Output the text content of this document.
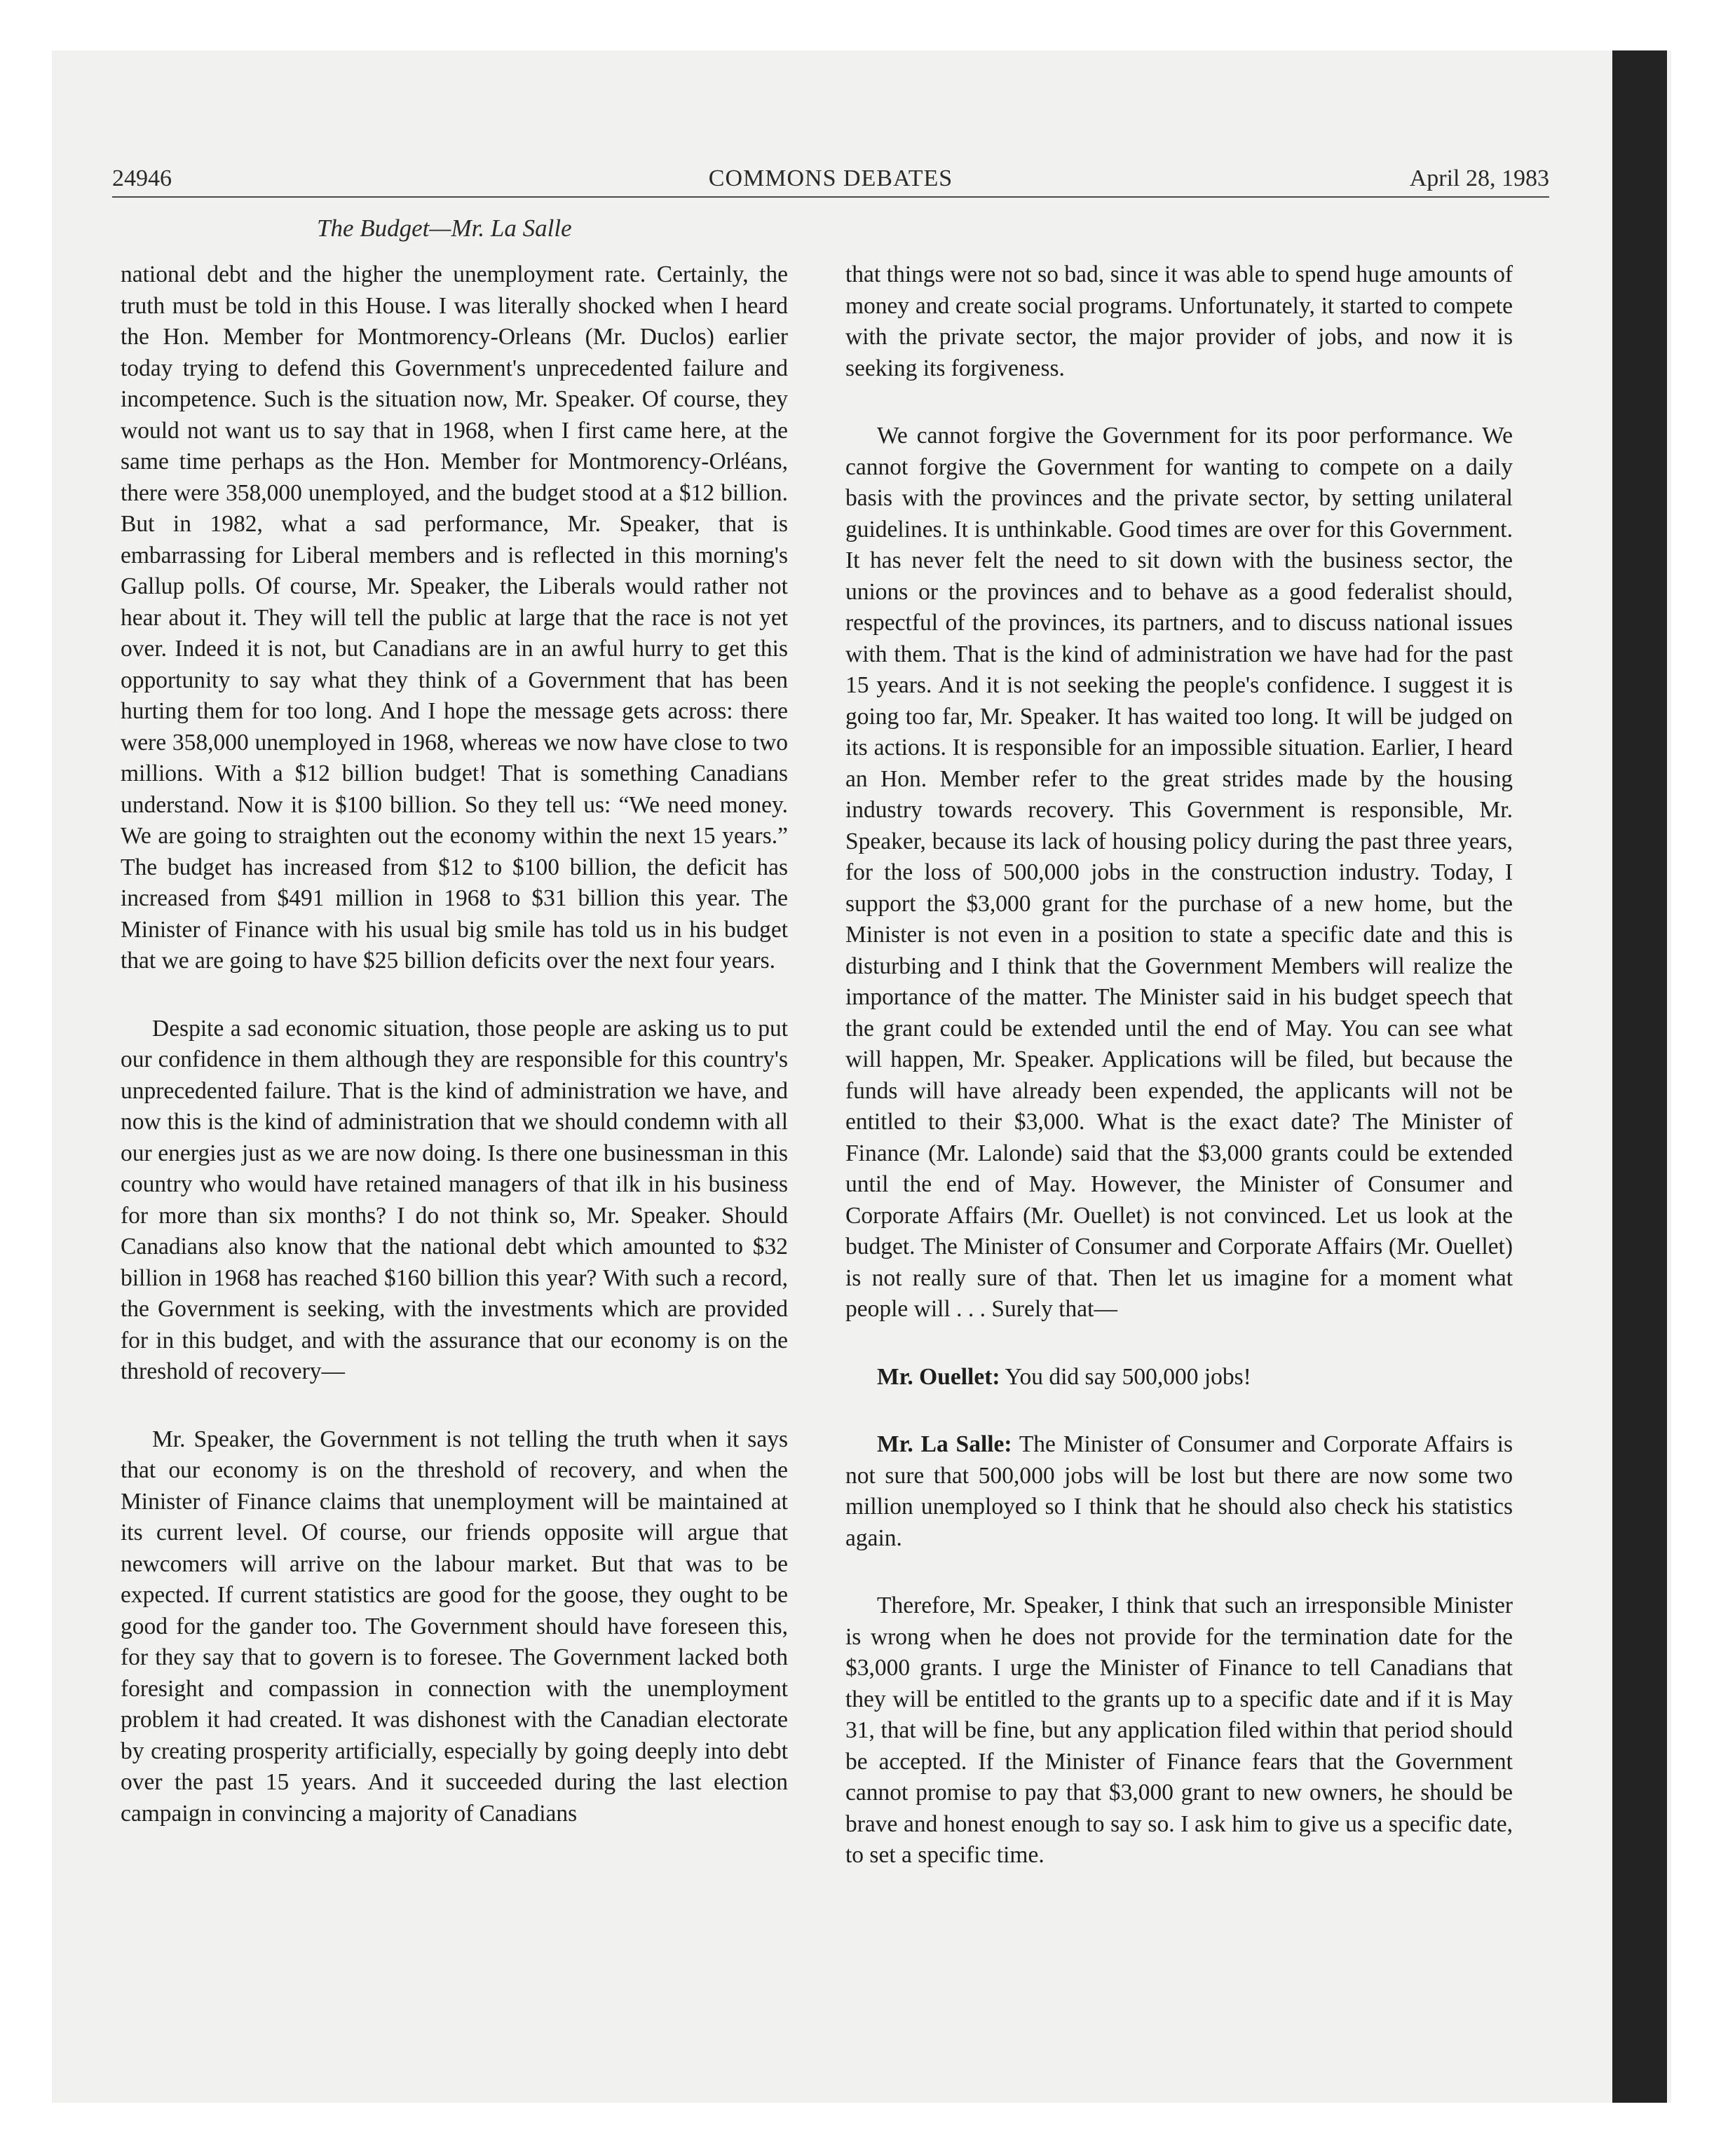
24946	COMMONS DEBATES	April 28, 1983
The Budget—Mr. La Salle

national debt and the higher the unemployment rate. Certainly, the truth must be told in this House. I was literally shocked when I heard the Hon. Member for Montmorency-Orleans (Mr. Duclos) earlier today trying to defend this Government's unprecedented failure and incompetence. Such is the situation now, Mr. Speaker. Of course, they would not want us to say that in 1968, when I first came here, at the same time perhaps as the Hon. Member for Montmorency-Orléans, there were 358,000 unemployed, and the budget stood at a $12 billion. But in 1982, what a sad performance, Mr. Speaker, that is embarrassing for Liberal members and is reflected in this morning's Gallup polls. Of course, Mr. Speaker, the Liberals would rather not hear about it. They will tell the public at large that the race is not yet over. Indeed it is not, but Canadians are in an awful hurry to get this opportunity to say what they think of a Government that has been hurting them for too long. And I hope the message gets across: there were 358,000 unemployed in 1968, whereas we now have close to two millions. With a $12 billion budget! That is something Canadians understand. Now it is $100 billion. So they tell us: “We need money. We are going to straighten out the economy within the next 15 years.” The budget has increased from $12 to $100 billion, the deficit has increased from $491 million in 1968 to $31 billion this year. The Minister of Finance with his usual big smile has told us in his budget that we are going to have $25 billion deficits over the next four years.

Despite a sad economic situation, those people are asking us to put our confidence in them although they are responsible for this country's unprecedented failure. That is the kind of administration we have, and now this is the kind of administration that we should condemn with all our energies just as we are now doing. Is there one businessman in this country who would have retained managers of that ilk in his business for more than six months? I do not think so, Mr. Speaker. Should Canadians also know that the national debt which amounted to $32 billion in 1968 has reached $160 billion this year? With such a record, the Government is seeking, with the investments which are provided for in this budget, and with the assurance that our economy is on the threshold of recovery—

Mr. Speaker, the Government is not telling the truth when it says that our economy is on the threshold of recovery, and when the Minister of Finance claims that unemployment will be maintained at its current level. Of course, our friends opposite will argue that newcomers will arrive on the labour market. But that was to be expected. If current statistics are good for the goose, they ought to be good for the gander too. The Government should have foreseen this, for they say that to govern is to foresee. The Government lacked both foresight and compassion in connection with the unemployment problem it had created. It was dishonest with the Canadian electorate by creating prosperity artificially, especially by going deeply into debt over the past 15 years. And it succeeded during the last election campaign in convincing a majority of Canadians

that things were not so bad, since it was able to spend huge amounts of money and create social programs. Unfortunately, it started to compete with the private sector, the major provider of jobs, and now it is seeking its forgiveness.

We cannot forgive the Government for its poor performance. We cannot forgive the Government for wanting to compete on a daily basis with the provinces and the private sector, by setting unilateral guidelines. It is unthinkable. Good times are over for this Government. It has never felt the need to sit down with the business sector, the unions or the provinces and to behave as a good federalist should, respectful of the provinces, its partners, and to discuss national issues with them. That is the kind of administration we have had for the past 15 years. And it is not seeking the people's confidence. I suggest it is going too far, Mr. Speaker. It has waited too long. It will be judged on its actions. It is responsible for an impossible situation. Earlier, I heard an Hon. Member refer to the great strides made by the housing industry towards recovery. This Government is responsible, Mr. Speaker, because its lack of housing policy during the past three years, for the loss of 500,000 jobs in the construction industry. Today, I support the $3,000 grant for the purchase of a new home, but the Minister is not even in a position to state a specific date and this is disturbing and I think that the Government Members will realize the importance of the matter. The Minister said in his budget speech that the grant could be extended until the end of May. You can see what will happen, Mr. Speaker. Applications will be filed, but because the funds will have already been expended, the applicants will not be entitled to their $3,000. What is the exact date? The Minister of Finance (Mr. Lalonde) said that the $3,000 grants could be extended until the end of May. However, the Minister of Consumer and Corporate Affairs (Mr. Ouellet) is not convinced. Let us look at the budget. The Minister of Consumer and Corporate Affairs (Mr. Ouellet) is not really sure of that. Then let us imagine for a moment what people will . . . Surely that—

Mr. Ouellet: You did say 500,000 jobs!

Mr. La Salle: The Minister of Consumer and Corporate Affairs is not sure that 500,000 jobs will be lost but there are now some two million unemployed so I think that he should also check his statistics again.

Therefore, Mr. Speaker, I think that such an irresponsible Minister is wrong when he does not provide for the termination date for the $3,000 grants. I urge the Minister of Finance to tell Canadians that they will be entitled to the grants up to a specific date and if it is May 31, that will be fine, but any application filed within that period should be accepted. If the Minister of Finance fears that the Government cannot promise to pay that $3,000 grant to new owners, he should be brave and honest enough to say so. I ask him to give us a specific date, to set a specific time.
